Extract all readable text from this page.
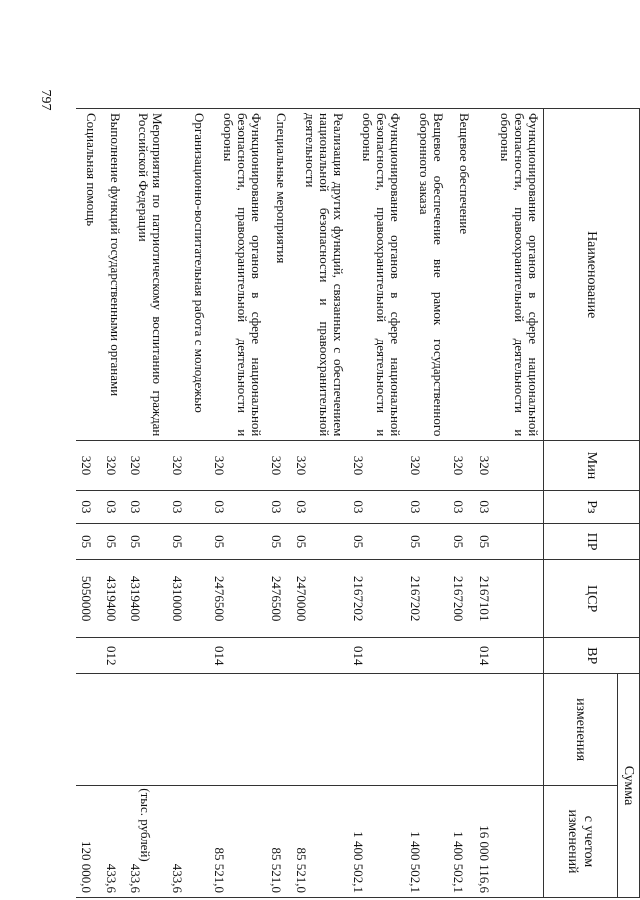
797
(тыс. рублей)
Наименование	Мин	Рз	ПР	ЦСР	ВР	Сумма	
						изменения	с учетом изменений
Функционирование органов в сфере национальной безопасности, правоохранительной деятельности и обороны	320	03	05	2167101	014		16 000 116,6
Вещевое обеспечение	320	03	05	2167200			1 400 502,1
Вещевое обеспечение вне рамок государственного оборонного заказа	320	03	05	2167202			1 400 502,1
Функционирование органов в сфере национальной безопасности, правоохранительной деятельности и обороны	320	03	05	2167202	014		1 400 502,1
Реализация других функций, связанных с обеспечением национальной безопасности и правоохранительной деятельности	320	03	05	2470000			85 521,0
Специальные мероприятия	320	03	05	2476500			85 521,0
Функционирование органов в сфере национальной безопасности, правоохранительной деятельности и обороны	320	03	05	2476500	014		85 521,0
Организационно-воспитательная работа с молодежью	320	03	05	4310000			433,6
Мероприятия по патриотическому воспитанию граждан Российской Федерации	320	03	05	4319400			433,6
Выполнение функций государственными органами	320	03	05	4319400	012		433,6
Социальная помощь	320	03	05	5050000			120 000,0
